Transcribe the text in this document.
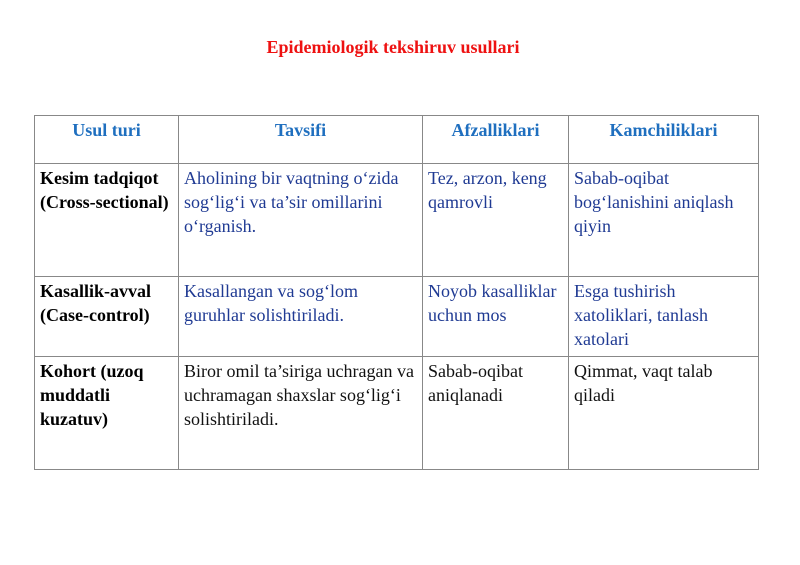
Epidemiologik tekshiruv usullari
Usul turi	Tavsifi	Afzalliklari	Kamchiliklari
Kesim tadqiqot (Cross-sectional)	Aholining bir vaqtning o‘zida sog‘lig‘i va ta’sir omillarini o‘rganish.	Tez, arzon, keng qamrovli	Sabab-oqibat bog‘lanishini aniqlash qiyin
Kasallik-avval (Case-control)	Kasallangan va sog‘lom guruhlar solishtiriladi.	Noyob kasalliklar uchun mos	Esga tushirish xatoliklari, tanlash xatolari
Kohort (uzoq muddatli kuzatuv)	Biror omil ta’siriga uchragan va uchramagan shaxslar sog‘lig‘i solishtiriladi.	Sabab-oqibat aniqlanadi	Qimmat, vaqt talab qiladi
